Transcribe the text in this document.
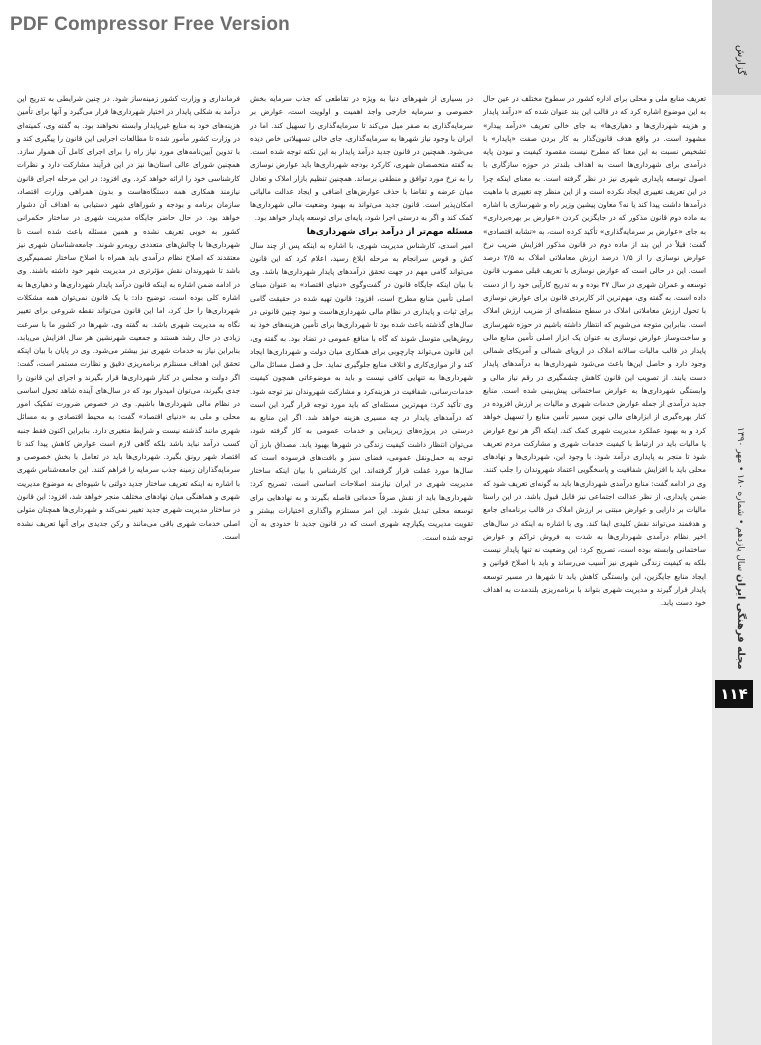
PDF Compressor Free Version
گزارش
مجله فرهنگی ايران سال یازدهم • شماره ۱۸۰ • مهر ۱۳۹۰
۱۱۴

تعریف منابع ملی و محلی برای اداره کشور در سطوح مختلف در عین حال به این موضوع اشاره کرد که در قالب این بند عنوان شده که «درآمد پایدار و هزینه شهرداری‌ها و دهیاری‌ها» به جای خالی تعریف «درآمد پیدار» مشهود است. در واقع هدف قانون‌گذار به کار بردن صفت «پایدار» با تشخیص نسبت به این معنا که مطرح نیست مقصود کیفیت و نبودن پایه درآمدی برای شهرداری‌ها است به اهداف بلندتر در حوزه سازگاری با اصول توسعه پایداری شهری نیز در نظر گرفته است. به معنای اینکه چرا در این تعریف تغییری ایجاد نکرده است و از این منظر چه تغییری با ماهیت درآمدها داشت پیدا کند یا نه؟ معاون پیشین وزیر راه و شهرسازی با اشاره به ماده دوم قانون مذکور که در جایگزین کردن «عوارض بر بهره‌برداری» به جای «عوارض بر سرمایه‌گذاری» تأکید کرده است، به «تشابه اقتصادی» گفت: قبلاً در این بند از ماده دوم در قانون مذکور افزایش ضریب نرخ عوارض نوسازی را از ۱/۵ درصد ارزش معاملاتی املاک به ۲/۵ درصد است. این در حالی است که عوارض نوسازی با تعریف قبلی مصوب قانون توسعه و عمران شهری در سال ۴۷ بوده و به تدریج کارآیی خود را از دست داده است. به گفته وی، مهم‌ترین اثر کاربردی قانون برای عوارض نوسازی با تحول ارزش معاملاتی املاک در سطح منطقه‌ای از ضریب ارزش املاک است. بنابراین متوجه می‌شویم که انتظار داشته باشیم در حوزه شهرسازی و ساخت‌وساز عوارض نوسازی به عنوان یک ابزار اصلی تأمین منابع مالی پایدار در قالب مالیات سالانه املاک در اروپای شمالی و آمریکای شمالی وجود دارد و حاصل این‌ها باعث می‌شود شهرداری‌ها به درآمدهای پایدار دست یابند. از تصویب این قانون کاهش چشمگیری در رقم نیاز مالی و وابستگی شهرداری‌ها به عوارض ساختمانی پیش‌بینی شده است. منابع جدید درآمدی از جمله عوارض خدمات شهری و مالیات بر ارزش افزوده در کنار بهره‌گیری از ابزارهای مالی نوین مسیر تأمین منابع را تسهیل خواهد کرد و به بهبود عملکرد مدیریت شهری کمک کند. اینکه اگر هر نوع عوارض یا مالیات باید در ارتباط با کیفیت خدمات شهری و مشارکت مردم تعریف شود تا منجر به پایداری درآمد شود. با وجود این، شهرداری‌ها و نهادهای محلی باید با افزایش شفافیت و پاسخگویی اعتماد شهروندان را جلب کنند. وی در ادامه گفت: منابع درآمدی شهرداری‌ها باید به گونه‌ای تعریف شود که ضمن پایداری، از نظر عدالت اجتماعی نیز قابل قبول باشد. در این راستا مالیات بر دارایی و عوارض مبتنی بر ارزش املاک در قالب برنامه‌ای جامع و هدفمند می‌تواند نقش کلیدی ایفا کند. وی با اشاره به اینکه در سال‌های اخیر نظام درآمدی شهرداری‌ها به شدت به فروش تراکم و عوارض ساختمانی وابسته بوده است، تصریح کرد: این وضعیت نه تنها پایدار نیست بلکه به کیفیت زندگی شهری نیز آسیب می‌رساند و باید با اصلاح قوانین و ایجاد منابع جایگزین، این وابستگی کاهش یابد تا شهرها در مسیر توسعه پایدار قرار گیرند و مدیریت شهری بتواند با برنامه‌ریزی بلندمدت به اهداف خود دست یابد.

در بسیاری از شهرهای دنیا به ویژه در تقاطعی که جذب سرمایه بخش خصوصی و سرمایه خارجی واجد اهمیت و اولویت است، عوارض بر سرمایه‌گذاری به صفر میل می‌کند تا سرمایه‌گذاری را تسهیل کند. اما در ایران با وجود نیاز شهرها به سرمایه‌گذاری، جای خالی تسهیلاتی خاص دیده می‌شود. همچنین در قانون جدید درآمد پایدار به این نکته توجه شده است. به گفته متخصصان شهری، کارکرد بودجه شهرداری‌ها باید عوارض نوسازی را به نرخ مورد توافق و منطقی برساند. همچنین تنظیم بازار املاک و تعادل میان عرضه و تقاضا با حذف عوارض‌های اضافی و ایجاد عدالت مالیاتی امکان‌پذیر است. قانون جدید می‌تواند به بهبود وضعیت مالی شهرداری‌ها کمک کند و اگر به درستی اجرا شود، پایه‌ای برای توسعه پایدار خواهد بود.

مسئله مهم‌تر از درآمد برای شهرداری‌ها

امیر اسدی، کارشناس مدیریت شهری، با اشاره به اینکه پس از چند سال کش و قوس سرانجام به مرحله ابلاغ رسید، اعلام کرد که این قانون می‌تواند گامی مهم در جهت تحقق درآمدهای پایدار شهرداری‌ها باشد. وی با بیان اینکه جایگاه قانون در گفت‌وگوی «دنیای اقتصاد» به عنوان مبنای اصلی تأمین منابع مطرح است، افزود: قانون تهیه شده در حقیقت گامی برای ثبات و پایداری در نظام مالی شهرداری‌هاست و نبود چنین قانونی در سال‌های گذشته باعث شده بود تا شهرداری‌ها برای تأمین هزینه‌های خود به روش‌هایی متوسل شوند که گاه با منافع عمومی در تضاد بود. به گفته وی، این قانون می‌تواند چارچوبی برای همکاری میان دولت و شهرداری‌ها ایجاد کند و از موازی‌کاری و اتلاف منابع جلوگیری نماید. حل و فصل مسائل مالی شهرداری‌ها به تنهایی کافی نیست و باید به موضوعاتی همچون کیفیت خدمات‌رسانی، شفافیت در هزینه‌کرد و مشارکت شهروندان نیز توجه شود. وی تأکید کرد: مهم‌ترین مسئله‌ای که باید مورد توجه قرار گیرد این است که درآمدهای پایدار در چه مسیری هزینه خواهد شد. اگر این منابع به درستی در پروژه‌های زیربنایی و خدمات عمومی به کار گرفته شود، می‌توان انتظار داشت کیفیت زندگی در شهرها بهبود یابد. مصداق بارز آن توجه به حمل‌ونقل عمومی، فضای سبز و بافت‌های فرسوده است که سال‌ها مورد غفلت قرار گرفته‌اند. این کارشناس با بیان اینکه ساختار مدیریت شهری در ایران نیازمند اصلاحات اساسی است، تصریح کرد: شهرداری‌ها باید از نقش صرفاً خدماتی فاصله بگیرند و به نهادهایی برای توسعه محلی تبدیل شوند. این امر مستلزم واگذاری اختیارات بیشتر و تقویت مدیریت یکپارچه شهری است که در قانون جدید تا حدودی به آن توجه شده است.

فرمانداری و وزارت کشور زمینه‌ساز شود. در چنین شرایطی به تدریج این درآمد به شکلی پایدار در اختیار شهرداری‌ها قرار می‌گیرد و آنها برای تأمین هزینه‌های خود به منابع غیرپایدار وابسته نخواهند بود. به گفته وی، کمیته‌ای در وزارت کشور مأمور شده تا مطالعات اجرایی این قانون را پیگیری کند و با تدوین آیین‌نامه‌های مورد نیاز راه را برای اجرای کامل آن هموار سازد. همچنین شورای عالی استان‌ها نیز در این فرآیند مشارکت دارد و نظرات کارشناسی خود را ارائه خواهد کرد. وی افزود: در این مرحله اجرای قانون نیازمند همکاری همه دستگاه‌هاست و بدون همراهی وزارت اقتصاد، سازمان برنامه و بودجه و شوراهای شهر دستیابی به اهداف آن دشوار خواهد بود. در حال حاضر جایگاه مدیریت شهری در ساختار حکمرانی کشور به خوبی تعریف نشده و همین مسئله باعث شده است تا شهرداری‌ها با چالش‌های متعددی روبه‌رو شوند. جامعه‌شناسان شهری نیز معتقدند که اصلاح نظام درآمدی باید همراه با اصلاح ساختار تصمیم‌گیری باشد تا شهروندان نقش مؤثرتری در مدیریت شهر خود داشته باشند. وی در ادامه ضمن اشاره به اینکه قانون درآمد پایدار شهرداری‌ها و دهیاری‌ها به اشاره کلی بوده است، توضیح داد: با یک قانون نمی‌توان همه مشکلات شهرداری‌ها را حل کرد، اما این قانون می‌تواند نقطه شروعی برای تغییر نگاه به مدیریت شهری باشد. به گفته وی، شهرها در کشور ما با سرعت زیادی در حال رشد هستند و جمعیت شهرنشین هر سال افزایش می‌یابد، بنابراین نیاز به خدمات شهری نیز بیشتر می‌شود. وی در پایان با بیان اینکه تحقق این اهداف مستلزم برنامه‌ریزی دقیق و نظارت مستمر است، گفت: اگر دولت و مجلس در کنار شهرداری‌ها قرار بگیرند و اجرای این قانون را جدی بگیرند، می‌توان امیدوار بود که در سال‌های آینده شاهد تحول اساسی در نظام مالی شهرداری‌ها باشیم. وی در خصوص ضرورت تفکیک امور محلی و ملی به «دنیای اقتصاد» گفت: به محیط اقتصادی و به مسائل شهری مانند گذشته نیست و شرایط متغیری دارد. بنابراین اکنون فقط جنبه کسب درآمد نباید باشد بلکه گاهی لازم است عوارض کاهش پیدا کند تا اقتصاد شهر رونق بگیرد. شهرداری‌ها باید در تعامل با بخش خصوصی و سرمایه‌گذاران زمینه جذب سرمایه را فراهم کنند. این جامعه‌شناس شهری با اشاره به اینکه تعریف ساختار جدید دولتی با شیوه‌ای به موضوع مدیریت شهری و هماهنگی میان نهادهای مختلف منجر خواهد شد، افزود: این قانون در ساختار مدیریت شهری جدید تغییر نمی‌کند و شهرداری‌ها همچنان متولی اصلی خدمات شهری باقی می‌مانند و رکن جدیدی برای آنها تعریف نشده است.
